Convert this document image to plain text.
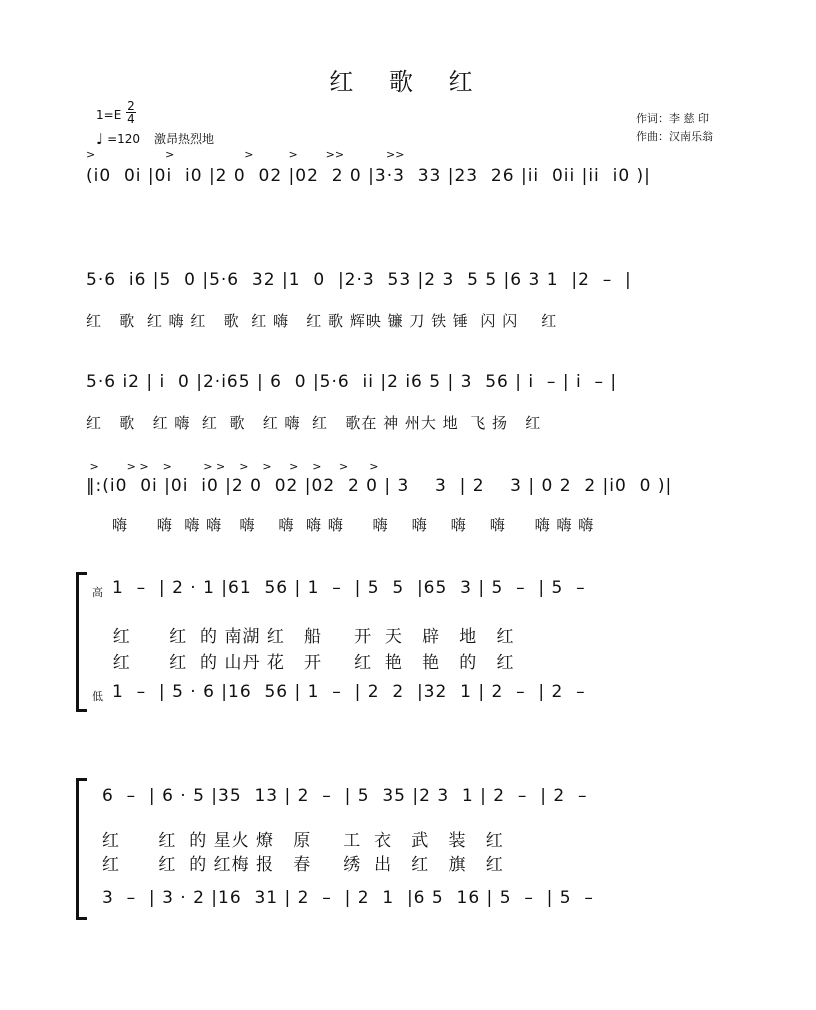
红 歌 红
1=E
2
4
♩ =120 激昂热烈地
作词：李 慈 印
作曲：汉南乐翁
>                    >                    >          >        >>            >>
(i0  0i |0i  i0 |2 0  02 |02  2 0 |3·3  33 |23  26 |ii  0ii |ii  i0 )|
5·6  i6 |5  0 |5·6  32 |1  0  |2·3  53 |2 3  5 5 |6 3 1  |2  –  |
红   歌  红 嗨 红   歌  红 嗨   红 歌 辉映 镰 刀 铁 锤  闪 闪    红
5·6 i2 | i  0 |2·i65 | 6  0 |5·6  ii |2 i6 5 | 3  56 | i  – | i  – |
红   歌   红 嗨  红  歌   红 嗨  红   歌在 神 州大 地  飞 扬   红
>        > >    >         > >    >    >     >    >     >      >
‖:(i0  0i |0i  i0 |2 0  02 |02  2 0 | 3    3  | 2    3 | 0 2  2 |i0  0 )|
嗨     嗨  嗨 嗨   嗨    嗨  嗨 嗨     嗨    嗨    嗨    嗨     嗨 嗨 嗨
高 1  –  | 2 · 1 |61  56 | 1  –  | 5  5  |65  3 | 5  –  | 5  –
红      红  的 南湖 红   船     开  天   辟   地   红
红      红  的 山丹 花   开     红  艳   艳   的   红
低 1  –  | 5 · 6 |16  56 | 1  –  | 2  2  |32  1 | 2  –  | 2  –
6  –  | 6 · 5 |35  13 | 2  –  | 5  35 |2 3  1 | 2  –  | 2  –
红      红  的 星火 燎   原     工  衣   武   装   红
红      红  的 红梅 报   春     绣  出   红   旗   红
3  –  | 3 · 2 |16  31 | 2  –  | 2  1  |6 5  16 | 5  –  | 5  –
